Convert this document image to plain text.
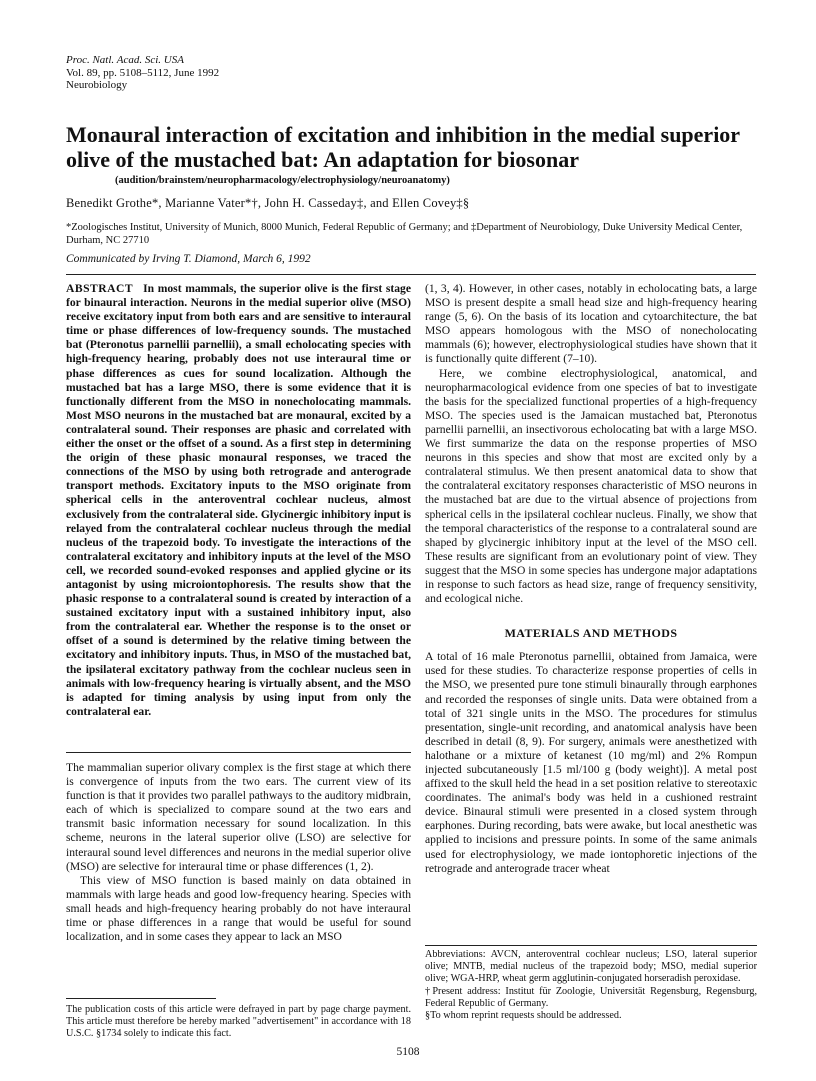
Proc. Natl. Acad. Sci. USA
Vol. 89, pp. 5108–5112, June 1992
Neurobiology
Monaural interaction of excitation and inhibition in the medial superior olive of the mustached bat: An adaptation for biosonar
(audition/brainstem/neuropharmacology/electrophysiology/neuroanatomy)
Benedikt Grothe*, Marianne Vater*†, John H. Casseday‡, and Ellen Covey‡§
*Zoologisches Institut, University of Munich, 8000 Munich, Federal Republic of Germany; and ‡Department of Neurobiology, Duke University Medical Center, Durham, NC 27710
Communicated by Irving T. Diamond, March 6, 1992

ABSTRACT In most mammals, the superior olive is the first stage for binaural interaction. Neurons in the medial superior olive (MSO) receive excitatory input from both ears and are sensitive to interaural time or phase differences of low-frequency sounds. The mustached bat (Pteronotus parnellii parnellii), a small echolocating species with high-frequency hearing, probably does not use interaural time or phase differences as cues for sound localization. Although the mustached bat has a large MSO, there is some evidence that it is functionally different from the MSO in nonecholocating mammals. Most MSO neurons in the mustached bat are monaural, excited by a contralateral sound. Their responses are phasic and correlated with either the onset or the offset of a sound. As a first step in determining the origin of these phasic monaural responses, we traced the connections of the MSO by using both retrograde and anterograde transport methods. Excitatory inputs to the MSO originate from spherical cells in the anteroventral cochlear nucleus, almost exclusively from the contralateral side. Glycinergic inhibitory input is relayed from the contralateral cochlear nucleus through the medial nucleus of the trapezoid body. To investigate the interactions of the contralateral excitatory and inhibitory inputs at the level of the MSO cell, we recorded sound-evoked responses and applied glycine or its antagonist by using microiontophoresis. The results show that the phasic response to a contralateral sound is created by interaction of a sustained excitatory input with a sustained inhibitory input, also from the contralateral ear. Whether the response is to the onset or offset of a sound is determined by the relative timing between the excitatory and inhibitory inputs. Thus, in MSO of the mustached bat, the ipsilateral excitatory pathway from the cochlear nucleus seen in animals with low-frequency hearing is virtually absent, and the MSO is adapted for timing analysis by using input from only the contralateral ear.

The mammalian superior olivary complex is the first stage at which there is convergence of inputs from the two ears. The current view of its function is that it provides two parallel pathways to the auditory midbrain, each of which is specialized to compare sound at the two ears and transmit basic information necessary for sound localization. In this scheme, neurons in the lateral superior olive (LSO) are selective for interaural sound level differences and neurons in the medial superior olive (MSO) are selective for interaural time or phase differences (1, 2).

This view of MSO function is based mainly on data obtained in mammals with large heads and good low-frequency hearing. Species with small heads and high-frequency hearing probably do not have interaural time or phase differences in a range that would be useful for sound localization, and in some cases they appear to lack an MSO

(1, 3, 4). However, in other cases, notably in echolocating bats, a large MSO is present despite a small head size and high-frequency hearing range (5, 6). On the basis of its location and cytoarchitecture, the bat MSO appears homologous with the MSO of nonecholocating mammals (6); however, electrophysiological studies have shown that it is functionally quite different (7–10).

Here, we combine electrophysiological, anatomical, and neuropharmacological evidence from one species of bat to investigate the basis for the specialized functional properties of a high-frequency MSO. The species used is the Jamaican mustached bat, Pteronotus parnellii parnellii, an insectivorous echolocating bat with a large MSO. We first summarize the data on the response properties of MSO neurons in this species and show that most are excited only by a contralateral stimulus. We then present anatomical data to show that the contralateral excitatory responses characteristic of MSO neurons in the mustached bat are due to the virtual absence of projections from spherical cells in the ipsilateral cochlear nucleus. Finally, we show that the temporal characteristics of the response to a contralateral sound are shaped by glycinergic inhibitory input at the level of the MSO cell. These results are significant from an evolutionary point of view. They suggest that the MSO in some species has undergone major adaptations in response to such factors as head size, range of frequency sensitivity, and ecological niche.

MATERIALS AND METHODS

A total of 16 male Pteronotus parnellii, obtained from Jamaica, were used for these studies. To characterize response properties of cells in the MSO, we presented pure tone stimuli binaurally through earphones and recorded the responses of single units. Data were obtained from a total of 321 single units in the MSO. The procedures for stimulus presentation, single-unit recording, and anatomical analysis have been described in detail (8, 9). For surgery, animals were anesthetized with halothane or a mixture of ketanest (10 mg/ml) and 2% Rompun injected subcutaneously [1.5 ml/100 g (body weight)]. A metal post affixed to the skull held the head in a set position relative to stereotaxic coordinates. The animal's body was held in a cushioned restraint device. Binaural stimuli were presented in a closed system through earphones. During recording, bats were awake, but local anesthetic was applied to incisions and pressure points. In some of the same animals used for electrophysiology, we made iontophoretic injections of the retrograde and anterograde tracer wheat

Abbreviations: AVCN, anteroventral cochlear nucleus; LSO, lateral superior olive; MNTB, medial nucleus of the trapezoid body; MSO, medial superior olive; WGA-HRP, wheat germ agglutinin-conjugated horseradish peroxidase.

†Present address: Institut für Zoologie, Universität Regensburg, Regensburg, Federal Republic of Germany.

§To whom reprint requests should be addressed.

The publication costs of this article were defrayed in part by page charge payment. This article must therefore be hereby marked "advertisement" in accordance with 18 U.S.C. §1734 solely to indicate this fact.

5108
